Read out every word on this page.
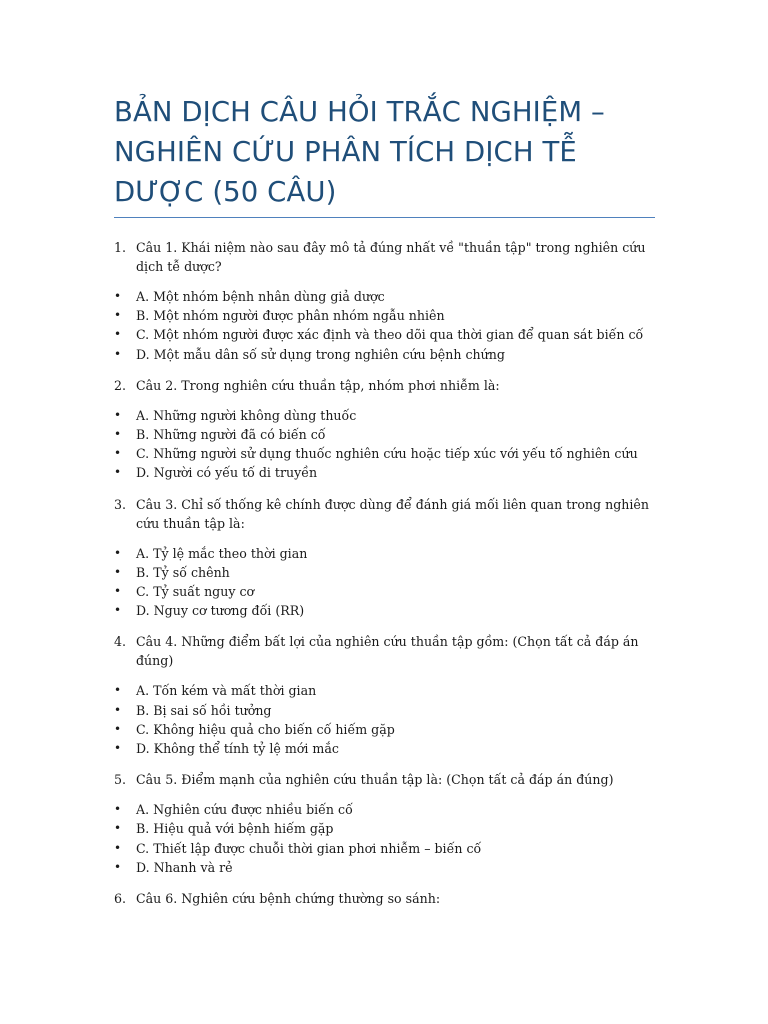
BẢN DỊCH CÂU HỎI TRẮC NGHIỆM – NGHIÊN CỨU PHÂN TÍCH DỊCH TỄ DƯỢC (50 CÂU)
1. Câu 1. Khái niệm nào sau đây mô tả đúng nhất về "thuần tập" trong nghiên cứu dịch tễ dược?
•	A. Một nhóm bệnh nhân dùng giả dược
•	B. Một nhóm người được phân nhóm ngẫu nhiên
•	C. Một nhóm người được xác định và theo dõi qua thời gian để quan sát biến cố
•	D. Một mẫu dân số sử dụng trong nghiên cứu bệnh chứng
2. Câu 2. Trong nghiên cứu thuần tập, nhóm phơi nhiễm là:
•	A. Những người không dùng thuốc
•	B. Những người đã có biến cố
•	C. Những người sử dụng thuốc nghiên cứu hoặc tiếp xúc với yếu tố nghiên cứu
•	D. Người có yếu tố di truyền
3. Câu 3. Chỉ số thống kê chính được dùng để đánh giá mối liên quan trong nghiên cứu thuần tập là:
•	A. Tỷ lệ mắc theo thời gian
•	B. Tỷ số chênh
•	C. Tỷ suất nguy cơ
•	D. Nguy cơ tương đối (RR)
4. Câu 4. Những điểm bất lợi của nghiên cứu thuần tập gồm: (Chọn tất cả đáp án đúng)
•	A. Tốn kém và mất thời gian
•	B. Bị sai số hồi tưởng
•	C. Không hiệu quả cho biến cố hiếm gặp
•	D. Không thể tính tỷ lệ mới mắc
5. Câu 5. Điểm mạnh của nghiên cứu thuần tập là: (Chọn tất cả đáp án đúng)
•	A. Nghiên cứu được nhiều biến cố
•	B. Hiệu quả với bệnh hiếm gặp
•	C. Thiết lập được chuỗi thời gian phơi nhiễm – biến cố
•	D. Nhanh và rẻ
6. Câu 6. Nghiên cứu bệnh chứng thường so sánh:
